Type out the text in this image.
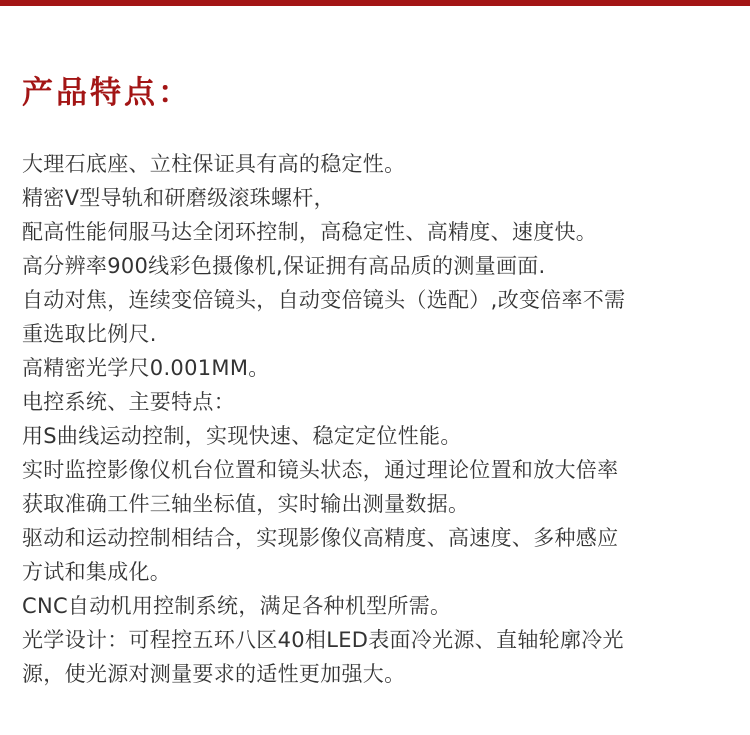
产品特点：
大理石底座、立柱保证具有高的稳定性。
精密V型导轨和研磨级滚珠螺杆，
配高性能伺服马达全闭环控制，高稳定性、高精度、速度快。
高分辨率900线彩色摄像机,保证拥有高品质的测量画面.
自动对焦，连续变倍镜头，自动变倍镜头（选配）,改变倍率不需
重选取比例尺.
高精密光学尺0.001MM。
电控系统、主要特点：
用S曲线运动控制，实现快速、稳定定位性能。
实时监控影像仪机台位置和镜头状态，通过理论位置和放大倍率
获取准确工件三轴坐标值，实时输出测量数据。
驱动和运动控制相结合，实现影像仪高精度、高速度、多种感应
方试和集成化。
CNC自动机用控制系统，满足各种机型所需。
光学设计：可程控五环八区40相LED表面冷光源、直轴轮廓冷光
源，使光源对测量要求的适性更加强大。
